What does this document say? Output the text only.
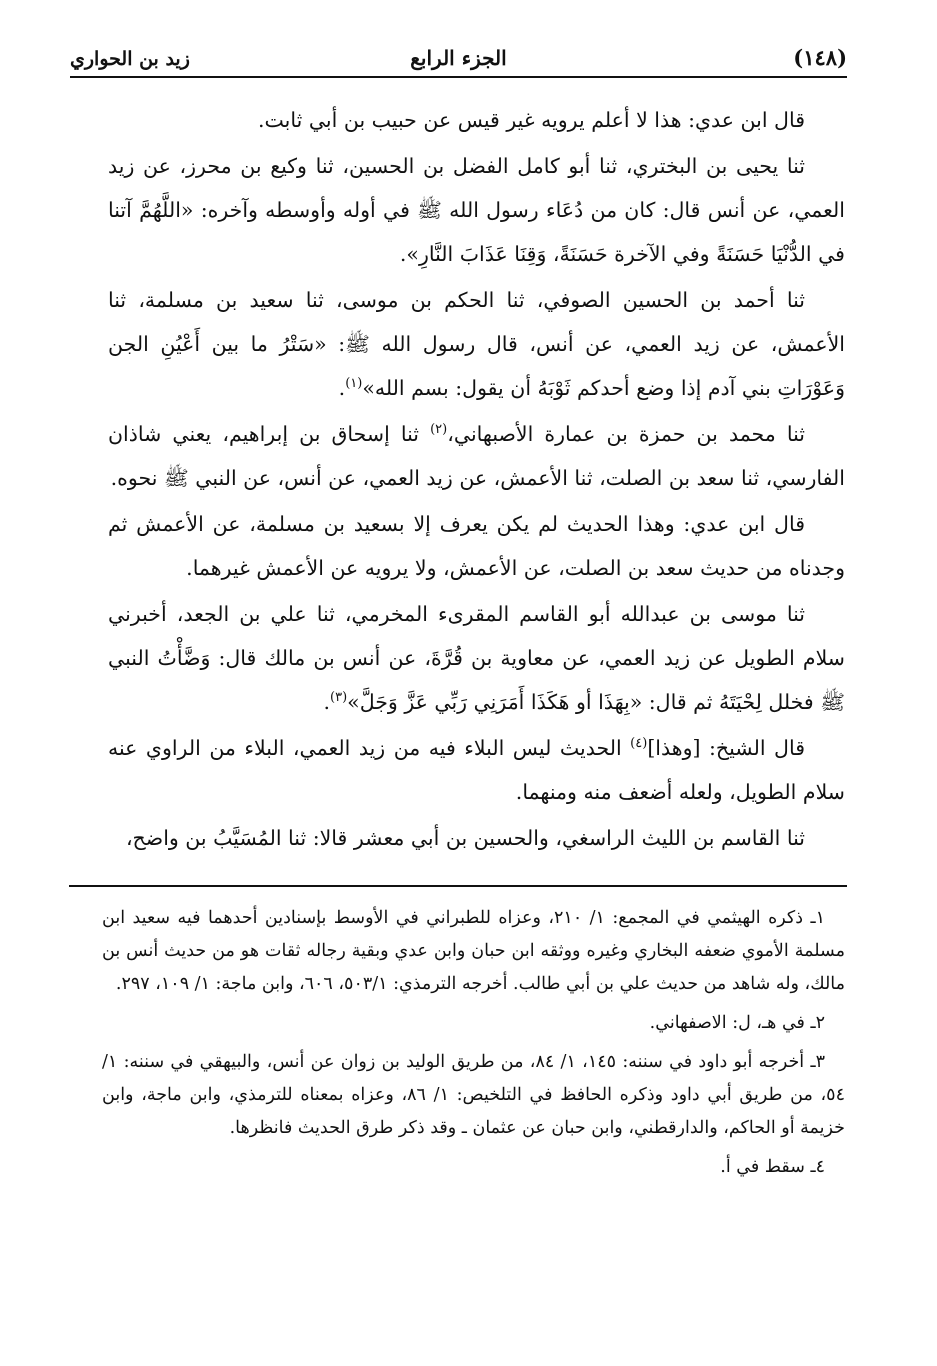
(١٤٨)
الجزء الرابع
زيد بن الحواري

قال ابن عدي: هذا لا أعلم يرويه غير قيس عن حبيب بن أبي ثابت.

ثنا يحيى بن البختري، ثنا أبو كامل الفضل بن الحسين، ثنا وكيع بن محرز، عن زيد العمي، عن أنس قال: كان من دُعَاء رسول الله ﷺ في أوله وأوسطه وآخره: «اللَّهُمَّ آتنا في الدُّنْيَا حَسَنَةً وفي الآخرة حَسَنَةً، وَقِنَا عَذَابَ النَّارِ».

ثنا أحمد بن الحسين الصوفي، ثنا الحكم بن موسى، ثنا سعيد بن مسلمة، ثنا الأعمش، عن زيد العمي، عن أنس، قال رسول الله ﷺ: «سَتْرُ ما بين أَعْيُنِ الجن وَعَوْرَاتِ بني آدم إذا وضع أحدكم ثَوْبَهُ أن يقول: بسم الله»$^{(١)}$.

ثنا محمد بن حمزة بن عمارة الأصبهاني،$^{(٢)}$ ثنا إسحاق بن إبراهيم، يعني شاذان الفارسي، ثنا سعد بن الصلت، ثنا الأعمش، عن زيد العمي، عن أنس، عن النبي ﷺ نحوه.

قال ابن عدي: وهذا الحديث لم يكن يعرف إلا بسعيد بن مسلمة، عن الأعمش ثم وجدناه من حديث سعد بن الصلت، عن الأعمش، ولا يرويه عن الأعمش غيرهما.

ثنا موسى بن عبدالله أبو القاسم المقرىء المخرمي، ثنا علي بن الجعد، أخبرني سلام الطويل عن زيد العمي، عن معاوية بن قُرَّةَ، عن أنس بن مالك قال: وَضَّأْتُ النبي ﷺ فخلل لِحْيَتَهُ ثم قال: «بِهَذَا أو هَكَذَا أَمَرَنِي رَبِّي عَزَّ وَجَلَّ»$^{(٣)}$.

قال الشيخ: [وهذا]$^{(٤)}$ الحديث ليس البلاء فيه من زيد العمي، البلاء من الراوي عنه سلام الطويل، ولعله أضعف منه ومنهما.

ثنا القاسم بن الليث الراسغي، والحسين بن أبي معشر قالا: ثنا المُسَيَّبُ بن واضح،

١ـ ذكره الهيثمي في المجمع: ١/ ٢١٠، وعزاه للطبراني في الأوسط بإسنادين أحدهما فيه سعيد ابن مسلمة الأموي ضعفه البخاري وغيره ووثقه ابن حبان وابن عدي وبقية رجاله ثقات هو من حديث أنس بن مالك، وله شاهد من حديث علي بن أبي طالب. أخرجه الترمذي: ٥٠٣/١، ٦٠٦، وابن ماجة: ١/ ١٠٩، ٢٩٧.

٢ـ في هـ، ل: الاصفهاني.

٣ـ أخرجه أبو داود في سننه: ١٤٥، ١/ ٨٤، من طريق الوليد بن زوان عن أنس، والبيهقي في سننه: ١/ ٥٤، من طريق أبي داود وذكره الحافظ في التلخيص: ١/ ٨٦، وعزاه بمعناه للترمذي، وابن ماجة، وابن خزيمة أو الحاكم، والدارقطني، وابن حبان عن عثمان ـ وقد ذكر طرق الحديث فانظرها.

٤ـ سقط في أ.
